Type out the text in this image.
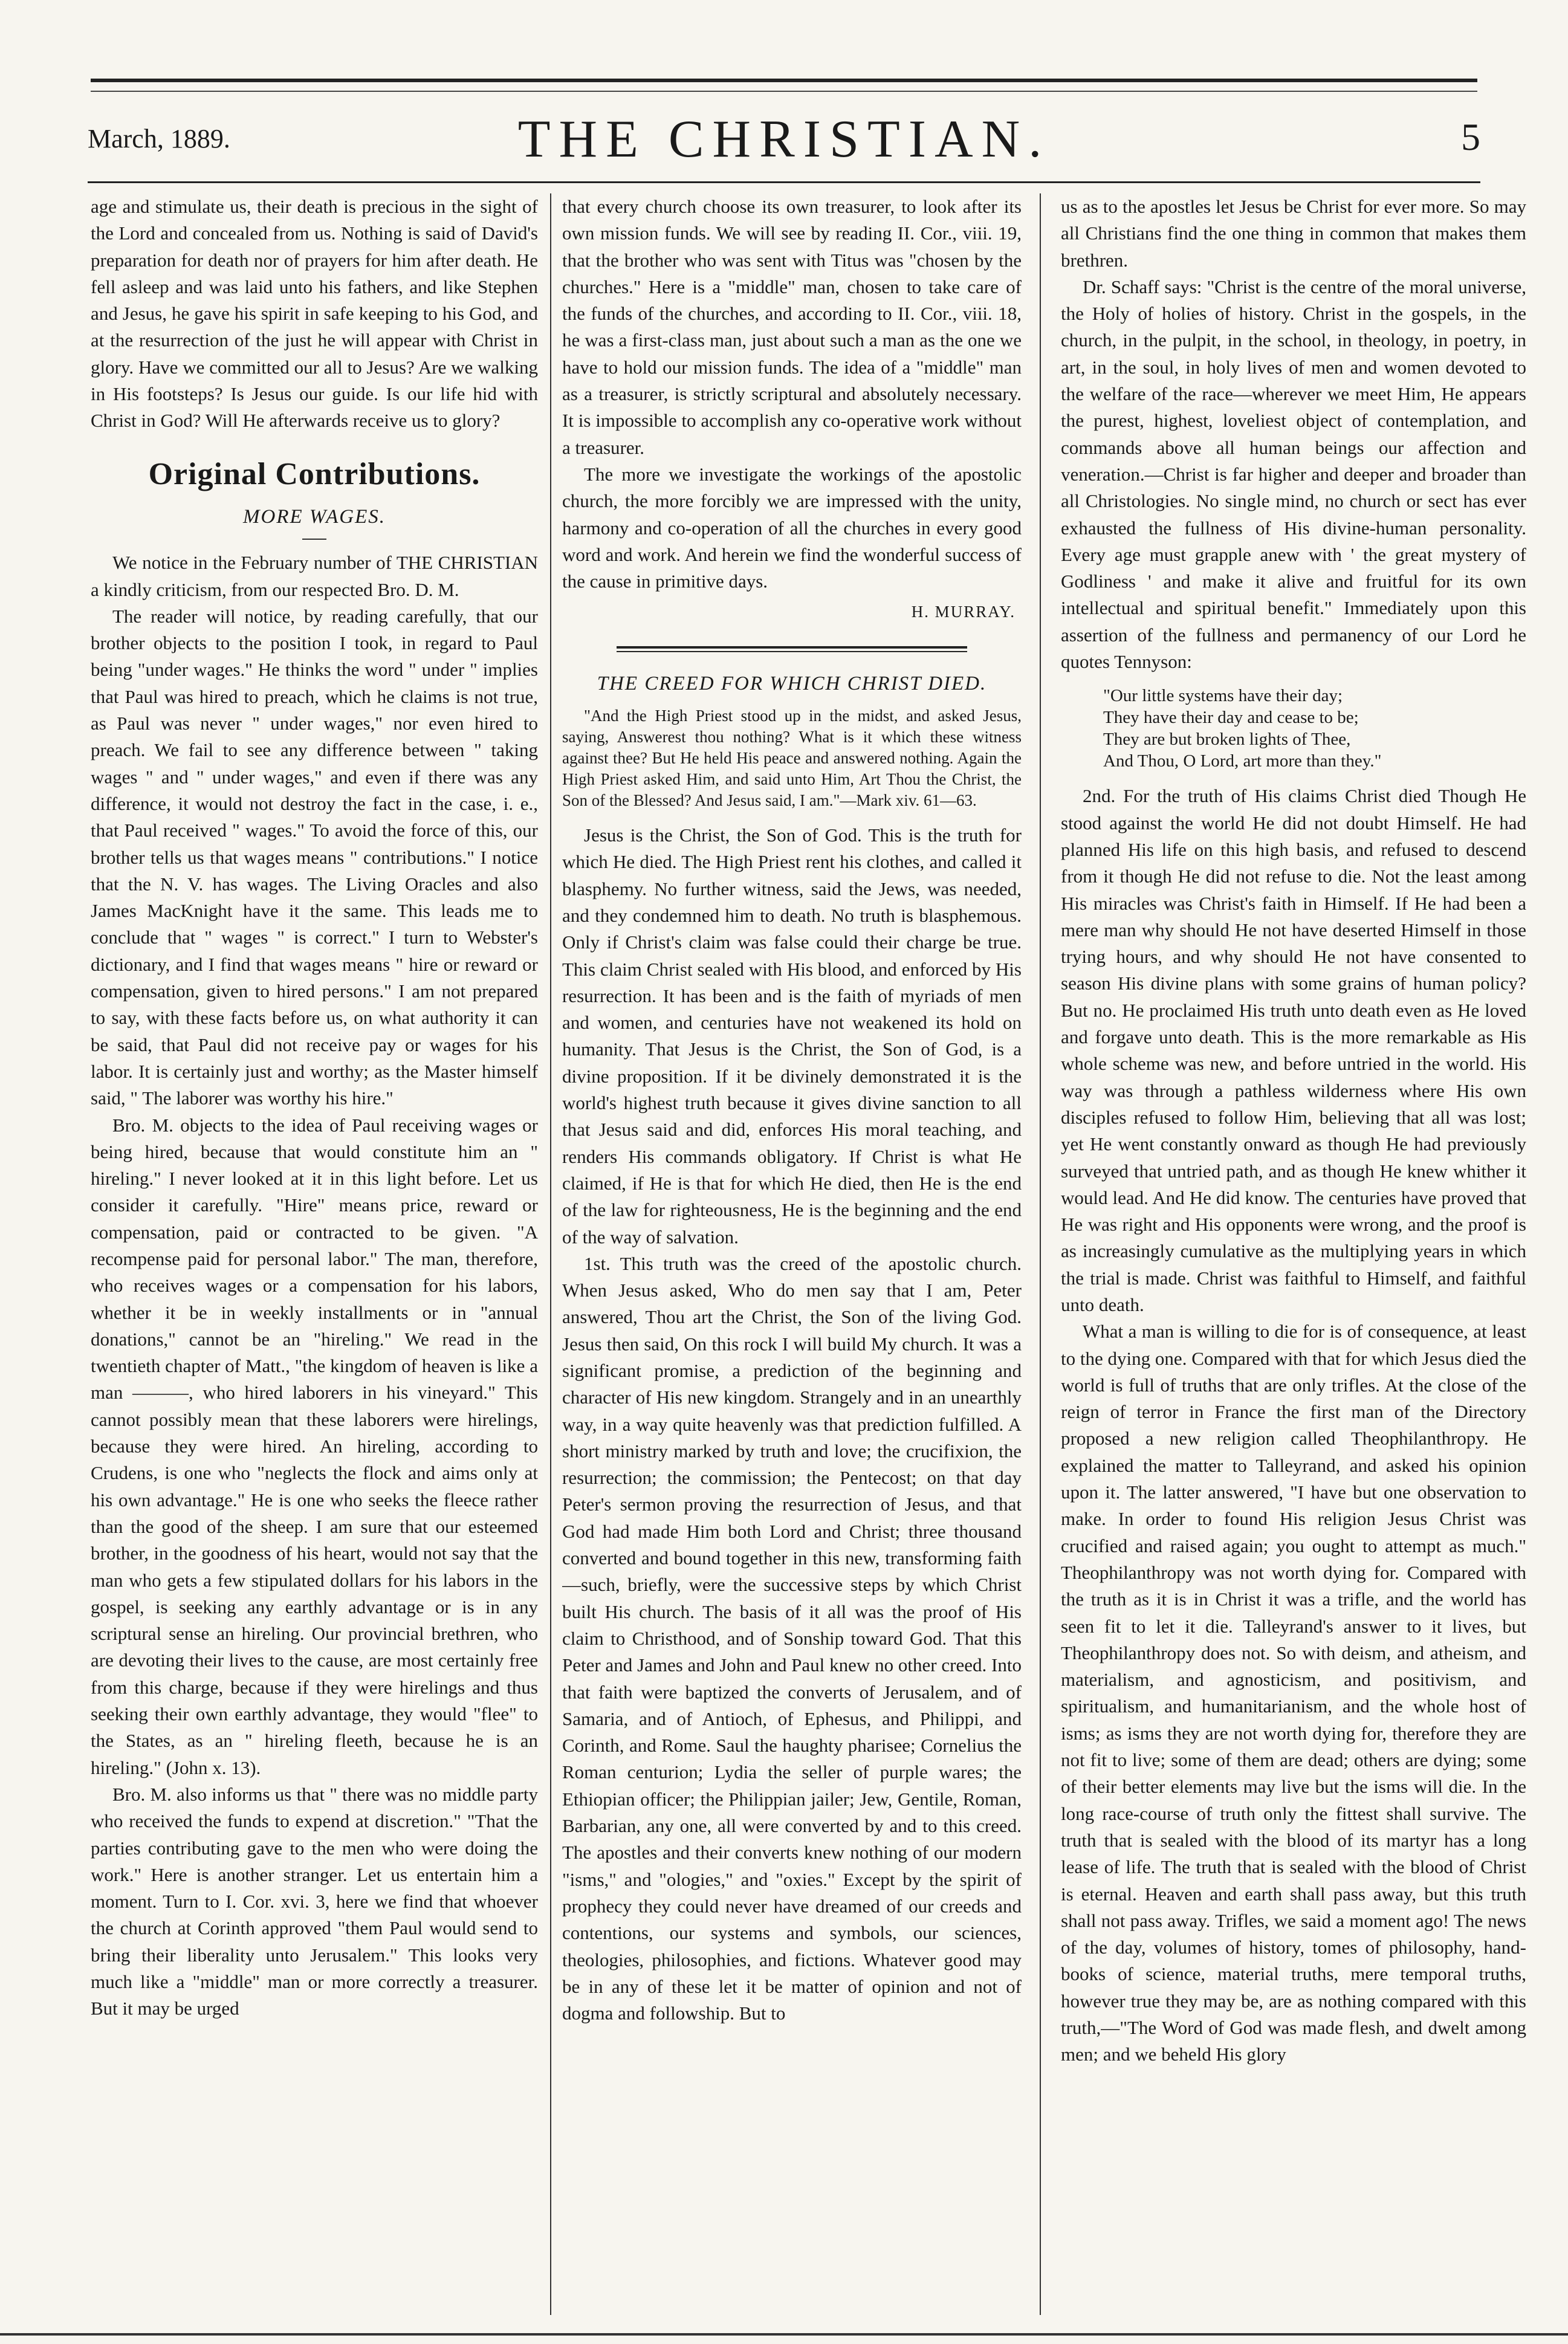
March, 1889.	THE CHRISTIAN.	5

age and stimulate us, their death is precious in the sight of the Lord and concealed from us. Nothing is said of David's preparation for death nor of prayers for him after death. He fell asleep and was laid unto his fathers, and like Stephen and Jesus, he gave his spirit in safe keeping to his God, and at the resurrection of the just he will appear with Christ in glory. Have we committed our all to Jesus? Are we walking in His footsteps? Is Jesus our guide. Is our life hid with Christ in God? Will He afterwards receive us to glory?

Original Contributions.
MORE WAGES.

We notice in the February number of THE CHRISTIAN a kindly criticism, from our respected Bro. D. M.

The reader will notice, by reading carefully, that our brother objects to the position I took, in regard to Paul being "under wages." He thinks the word " under " implies that Paul was hired to preach, which he claims is not true, as Paul was never " under wages," nor even hired to preach. We fail to see any difference between " taking wages " and " under wages," and even if there was any difference, it would not destroy the fact in the case, i. e., that Paul received " wages." To avoid the force of this, our brother tells us that wages means " contributions." I notice that the N. V. has wages. The Living Oracles and also James MacKnight have it the same. This leads me to conclude that " wages " is correct." I turn to Webster's dictionary, and I find that wages means " hire or reward or compensation, given to hired persons." I am not prepared to say, with these facts before us, on what authority it can be said, that Paul did not receive pay or wages for his labor. It is certainly just and worthy; as the Master himself said, " The laborer was worthy his hire."

Bro. M. objects to the idea of Paul receiving wages or being hired, because that would constitute him an " hireling." I never looked at it in this light before. Let us consider it carefully. "Hire" means price, reward or compensation, paid or contracted to be given. "A recompense paid for personal labor." The man, therefore, who receives wages or a compensation for his labors, whether it be in weekly installments or in "annual donations," cannot be an "hireling." We read in the twentieth chapter of Matt., "the kingdom of heaven is like a man ———, who hired laborers in his vineyard." This cannot possibly mean that these laborers were hirelings, because they were hired. An hireling, according to Crudens, is one who "neglects the flock and aims only at his own advantage." He is one who seeks the fleece rather than the good of the sheep. I am sure that our esteemed brother, in the goodness of his heart, would not say that the man who gets a few stipulated dollars for his labors in the gospel, is seeking any earthly advantage or is in any scriptural sense an hireling. Our provincial brethren, who are devoting their lives to the cause, are most certainly free from this charge, because if they were hirelings and thus seeking their own earthly advantage, they would "flee" to the States, as an " hireling fleeth, because he is an hireling." (John x. 13).

Bro. M. also informs us that " there was no middle party who received the funds to expend at discretion." "That the parties contributing gave to the men who were doing the work." Here is another stranger. Let us entertain him a moment. Turn to I. Cor. xvi. 3, here we find that whoever the church at Corinth approved "them Paul would send to bring their liberality unto Jerusalem." This looks very much like a "middle" man or more correctly a treasurer. But it may be urged

that every church choose its own treasurer, to look after its own mission funds. We will see by reading II. Cor., viii. 19, that the brother who was sent with Titus was "chosen by the churches." Here is a "middle" man, chosen to take care of the funds of the churches, and according to II. Cor., viii. 18, he was a first-class man, just about such a man as the one we have to hold our mission funds. The idea of a "middle" man as a treasurer, is strictly scriptural and absolutely necessary. It is impossible to accomplish any co-operative work without a treasurer.

The more we investigate the workings of the apostolic church, the more forcibly we are impressed with the unity, harmony and co-operation of all the churches in every good word and work. And herein we find the wonderful success of the cause in primitive days.

H. MURRAY.
THE CREED FOR WHICH CHRIST DIED.

"And the High Priest stood up in the midst, and asked Jesus, saying, Answerest thou nothing? What is it which these witness against thee? But He held His peace and answered nothing. Again the High Priest asked Him, and said unto Him, Art Thou the Christ, the Son of the Blessed? And Jesus said, I am."—Mark xiv. 61—63.

Jesus is the Christ, the Son of God. This is the truth for which He died. The High Priest rent his clothes, and called it blasphemy. No further witness, said the Jews, was needed, and they condemned him to death. No truth is blasphemous. Only if Christ's claim was false could their charge be true. This claim Christ sealed with His blood, and enforced by His resurrection. It has been and is the faith of myriads of men and women, and centuries have not weakened its hold on humanity. That Jesus is the Christ, the Son of God, is a divine proposition. If it be divinely demonstrated it is the world's highest truth because it gives divine sanction to all that Jesus said and did, enforces His moral teaching, and renders His commands obligatory. If Christ is what He claimed, if He is that for which He died, then He is the end of the law for righteousness, He is the beginning and the end of the way of salvation.

1st. This truth was the creed of the apostolic church. When Jesus asked, Who do men say that I am, Peter answered, Thou art the Christ, the Son of the living God. Jesus then said, On this rock I will build My church. It was a significant promise, a prediction of the beginning and character of His new kingdom. Strangely and in an unearthly way, in a way quite heavenly was that prediction fulfilled. A short ministry marked by truth and love; the crucifixion, the resurrection; the commission; the Pentecost; on that day Peter's sermon proving the resurrection of Jesus, and that God had made Him both Lord and Christ; three thousand converted and bound together in this new, transforming faith —such, briefly, were the successive steps by which Christ built His church. The basis of it all was the proof of His claim to Christhood, and of Sonship toward God. That this Peter and James and John and Paul knew no other creed. Into that faith were baptized the converts of Jerusalem, and of Samaria, and of Antioch, of Ephesus, and Philippi, and Corinth, and Rome. Saul the haughty pharisee; Cornelius the Roman centurion; Lydia the seller of purple wares; the Ethiopian officer; the Philippian jailer; Jew, Gentile, Roman, Barbarian, any one, all were converted by and to this creed. The apostles and their converts knew nothing of our modern "isms," and "ologies," and "oxies." Except by the spirit of prophecy they could never have dreamed of our creeds and contentions, our systems and symbols, our sciences, theologies, philosophies, and fictions. Whatever good may be in any of these let it be matter of opinion and not of dogma and followship. But to

us as to the apostles let Jesus be Christ for ever more. So may all Christians find the one thing in common that makes them brethren.

Dr. Schaff says: "Christ is the centre of the moral universe, the Holy of holies of history. Christ in the gospels, in the church, in the pulpit, in the school, in theology, in poetry, in art, in the soul, in holy lives of men and women devoted to the welfare of the race—wherever we meet Him, He appears the purest, highest, loveliest object of contemplation, and commands above all human beings our affection and veneration.—Christ is far higher and deeper and broader than all Christologies. No single mind, no church or sect has ever exhausted the fullness of His divine-human personality. Every age must grapple anew with ' the great mystery of Godliness ' and make it alive and fruitful for its own intellectual and spiritual benefit." Immediately upon this assertion of the fullness and permanency of our Lord he quotes Tennyson:

"Our little systems have their day;
They have their day and cease to be;
They are but broken lights of Thee,
And Thou, O Lord, art more than they."

2nd. For the truth of His claims Christ died Though He stood against the world He did not doubt Himself. He had planned His life on this high basis, and refused to descend from it though He did not refuse to die. Not the least among His miracles was Christ's faith in Himself. If He had been a mere man why should He not have deserted Himself in those trying hours, and why should He not have consented to season His divine plans with some grains of human policy? But no. He proclaimed His truth unto death even as He loved and forgave unto death. This is the more remarkable as His whole scheme was new, and before untried in the world. His way was through a pathless wilderness where His own disciples refused to follow Him, believing that all was lost; yet He went constantly onward as though He had previously surveyed that untried path, and as though He knew whither it would lead. And He did know. The centuries have proved that He was right and His opponents were wrong, and the proof is as increasingly cumulative as the multiplying years in which the trial is made. Christ was faithful to Himself, and faithful unto death.

What a man is willing to die for is of consequence, at least to the dying one. Compared with that for which Jesus died the world is full of truths that are only trifles. At the close of the reign of terror in France the first man of the Directory proposed a new religion called Theophilanthropy. He explained the matter to Talleyrand, and asked his opinion upon it. The latter answered, "I have but one observation to make. In order to found His religion Jesus Christ was crucified and raised again; you ought to attempt as much." Theophilanthropy was not worth dying for. Compared with the truth as it is in Christ it was a trifle, and the world has seen fit to let it die. Talleyrand's answer to it lives, but Theophilanthropy does not. So with deism, and atheism, and materialism, and agnosticism, and positivism, and spiritualism, and humanitarianism, and the whole host of isms; as isms they are not worth dying for, therefore they are not fit to live; some of them are dead; others are dying; some of their better elements may live but the isms will die. In the long race-course of truth only the fittest shall survive. The truth that is sealed with the blood of its martyr has a long lease of life. The truth that is sealed with the blood of Christ is eternal. Heaven and earth shall pass away, but this truth shall not pass away. Trifles, we said a moment ago! The news of the day, volumes of history, tomes of philosophy, hand-books of science, material truths, mere temporal truths, however true they may be, are as nothing compared with this truth,—"The Word of God was made flesh, and dwelt among men; and we beheld His glory
